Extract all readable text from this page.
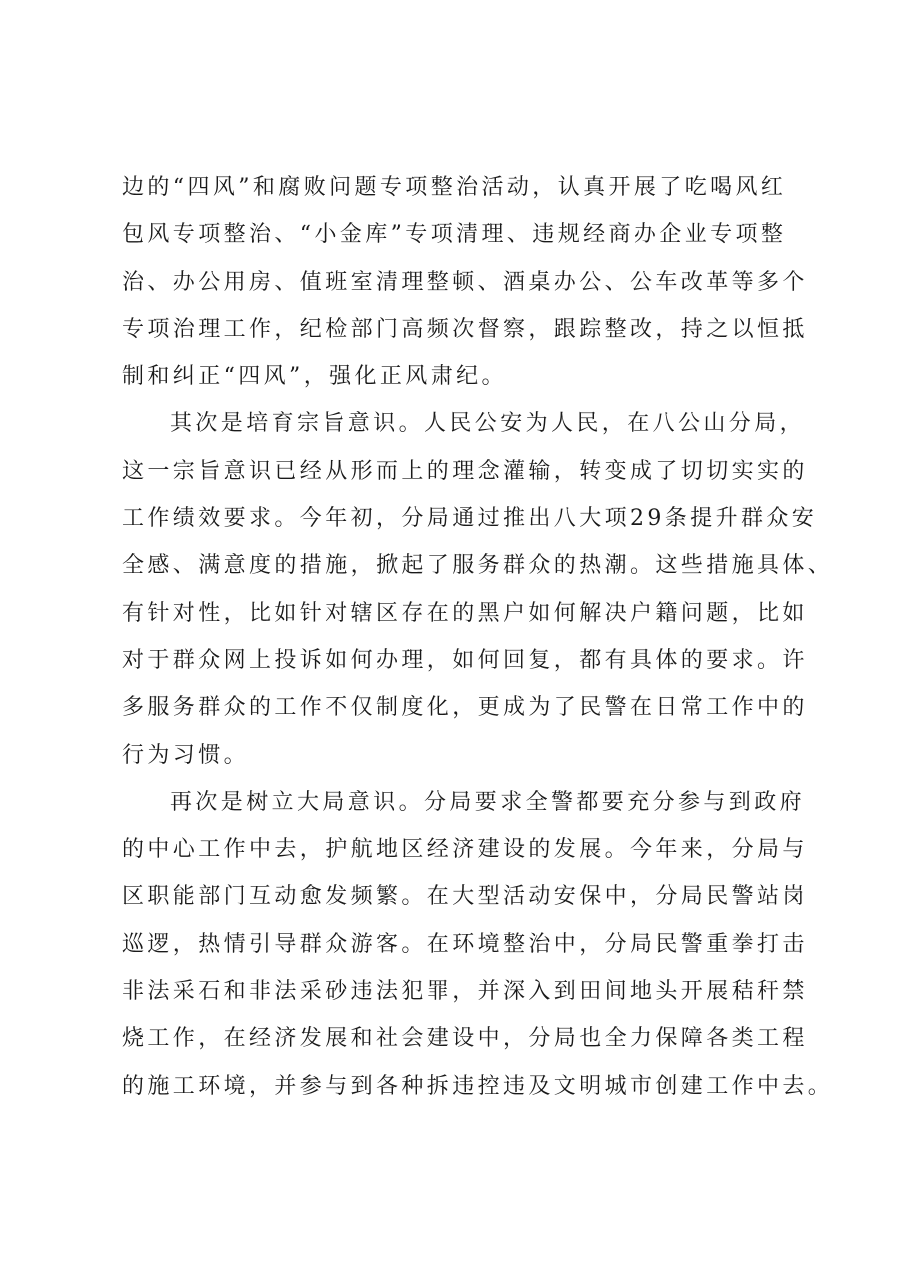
边的“四风”和腐败问题专项整治活动，认真开展了吃喝风红
包风专项整治、“小金库”专项清理、违规经商办企业专项整
治、办公用房、值班室清理整顿、酒桌办公、公车改革等多个
专项治理工作，纪检部门高频次督察，跟踪整改，持之以恒抵
制和纠正“四风”，强化正风肃纪。
其次是培育宗旨意识。人民公安为人民，在八公山分局，
这一宗旨意识已经从形而上的理念灌输，转变成了切切实实的
工作绩效要求。今年初，分局通过推出八大项29条提升群众安
全感、满意度的措施，掀起了服务群众的热潮。这些措施具体、
有针对性，比如针对辖区存在的黑户如何解决户籍问题，比如
对于群众网上投诉如何办理，如何回复，都有具体的要求。许
多服务群众的工作不仅制度化，更成为了民警在日常工作中的
行为习惯。
再次是树立大局意识。分局要求全警都要充分参与到政府
的中心工作中去，护航地区经济建设的发展。今年来，分局与
区职能部门互动愈发频繁。在大型活动安保中，分局民警站岗
巡逻，热情引导群众游客。在环境整治中，分局民警重拳打击
非法采石和非法采砂违法犯罪，并深入到田间地头开展秸秆禁
烧工作，在经济发展和社会建设中，分局也全力保障各类工程
的施工环境，并参与到各种拆违控违及文明城市创建工作中去。
